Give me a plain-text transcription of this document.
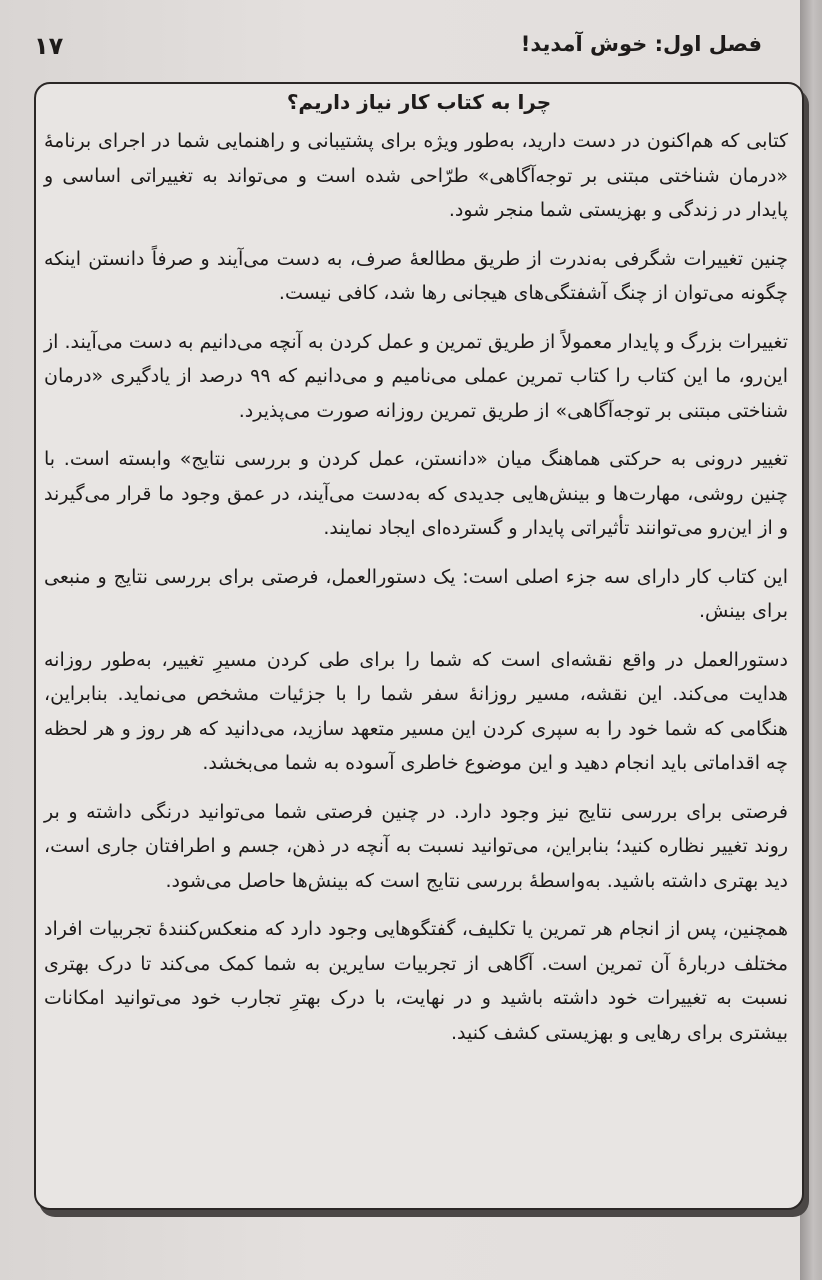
فصل اول: خوش آمدید!
۱۷
چرا به کتاب کار نیاز داریم؟

کتابی که هم‌اکنون در دست دارید، به‌طور ویژه برای پشتیبانی و راهنمایی شما در اجرای برنامهٔ «درمان شناختی مبتنی بر توجه‌آگاهی» طرّاحی شده است و می‌تواند به تغییراتی اساسی و پایدار در زندگی و بهزیستی شما منجر شود.

چنین تغییرات شگرفی به‌ندرت از طریق مطالعهٔ صرف، به دست می‌آیند و صرفاً دانستن اینکه چگونه می‌توان از چنگ آشفتگی‌های هیجانی رها شد، کافی نیست.

تغییرات بزرگ و پایدار معمولاً از طریق تمرین و عمل کردن به آنچه می‌دانیم به دست می‌آیند. از این‌رو، ما این کتاب را کتاب تمرین عملی می‌نامیم و می‌دانیم که ۹۹ درصد از یادگیری «درمان شناختی مبتنی بر توجه‌آگاهی» از طریق تمرین روزانه صورت می‌پذیرد.

تغییر درونی به حرکتی هماهنگ میان «دانستن، عمل کردن و بررسی نتایج» وابسته است. با چنین روشی، مهارت‌ها و بینش‌هایی جدیدی که به‌دست می‌آیند، در عمق وجود ما قرار می‌گیرند و از این‌رو می‌توانند تأثیراتی پایدار و گسترده‌ای ایجاد نمایند.

این کتاب کار دارای سه جزء اصلی است: یک دستورالعمل، فرصتی برای بررسی نتایج و منبعی برای بینش.

دستورالعمل در واقع نقشه‌ای است که شما را برای طی کردن مسیرِ تغییر، به‌طور روزانه هدایت می‌کند. این نقشه، مسیر روزانهٔ سفر شما را با جزئیات مشخص می‌نماید. بنابراین، هنگامی که شما خود را به سپری کردن این مسیر متعهد سازید، می‌دانید که هر روز و هر لحظه چه اقداماتی باید انجام دهید و این موضوع خاطری آسوده به شما می‌بخشد.

فرصتی برای بررسی نتایج نیز وجود دارد. در چنین فرصتی شما می‌توانید درنگی داشته و بر روند تغییر نظاره کنید؛ بنابراین، می‌توانید نسبت به آنچه در ذهن، جسم و اطرافتان جاری است، دید بهتری داشته باشید. به‌واسطهٔ بررسی نتایج است که بینش‌ها حاصل می‌شود.

همچنین، پس از انجام هر تمرین یا تکلیف، گفتگوهایی وجود دارد که منعکس‌کنندهٔ تجربیات افراد مختلف دربارهٔ آن تمرین است. آگاهی از تجربیات سایرین به شما کمک می‌کند تا درک بهتری نسبت به تغییرات خود داشته باشید و در نهایت، با درک بهترِ تجارب خود می‌توانید امکانات بیشتری برای رهایی و بهزیستی کشف کنید.
